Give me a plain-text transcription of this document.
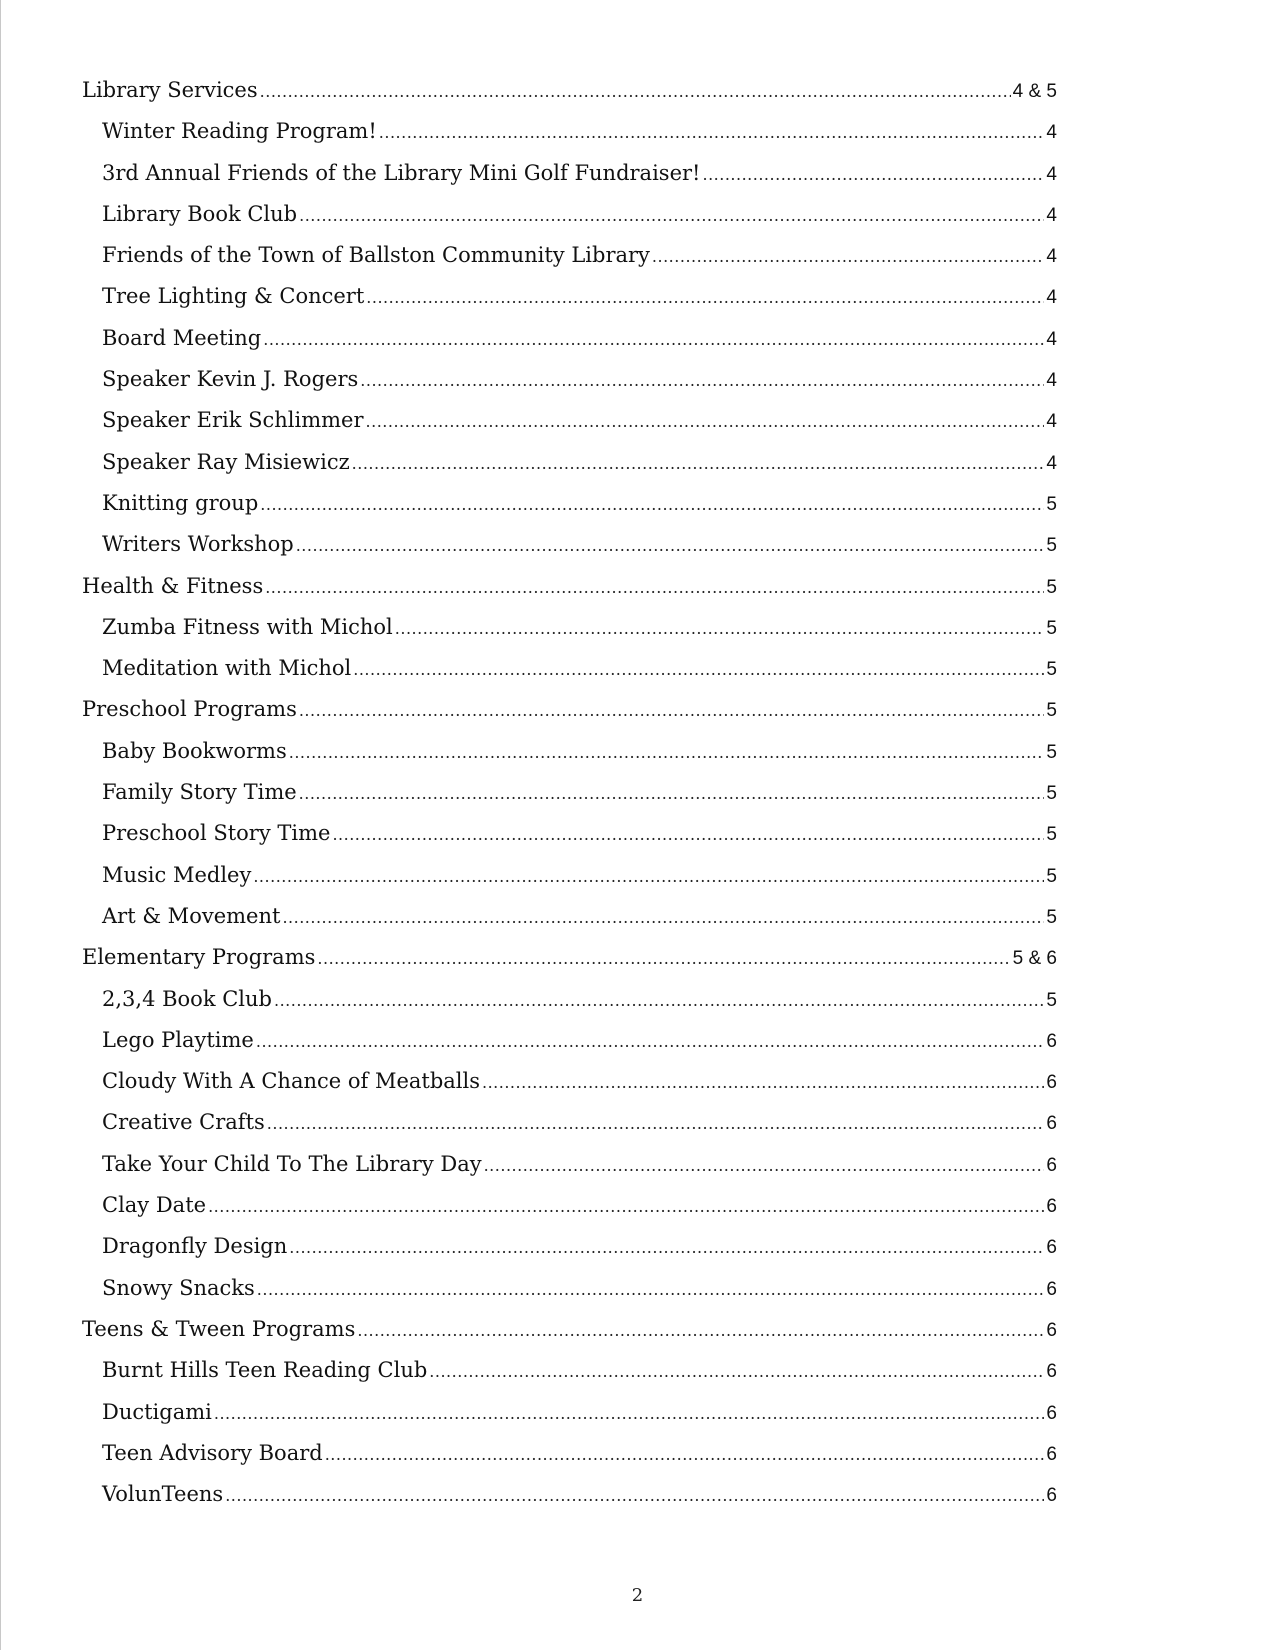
Library Services .....	4 & 5
Winter Reading Program! .....	4
3rd Annual Friends of the Library Mini Golf Fundraiser! .....	4
Library Book Club .....	4
Friends of the Town of Ballston Community Library .....	4
Tree Lighting & Concert .....	4
Board Meeting .....	4
Speaker Kevin J. Rogers .....	4
Speaker Erik Schlimmer .....	4
Speaker Ray Misiewicz .....	4
Knitting group .....	5
Writers Workshop .....	5
Health & Fitness .....	5
Zumba Fitness with Michol .....	5
Meditation with Michol .....	5
Preschool Programs .....	5
Baby Bookworms .....	5
Family Story Time .....	5
Preschool Story Time .....	5
Music Medley .....	5
Art & Movement .....	5
Elementary Programs .....	5 & 6
2,3,4 Book Club .....	5
Lego Playtime .....	6
Cloudy With A Chance of Meatballs .....	6
Creative Crafts .....	6
Take Your Child To The Library Day .....	6
Clay Date .....	6
Dragonfly Design .....	6
Snowy Snacks .....	6
Teens & Tween Programs .....	6
Burnt Hills Teen Reading Club .....	6
Ductigami .....	6
Teen Advisory Board .....	6
VolunTeens .....	6
2
